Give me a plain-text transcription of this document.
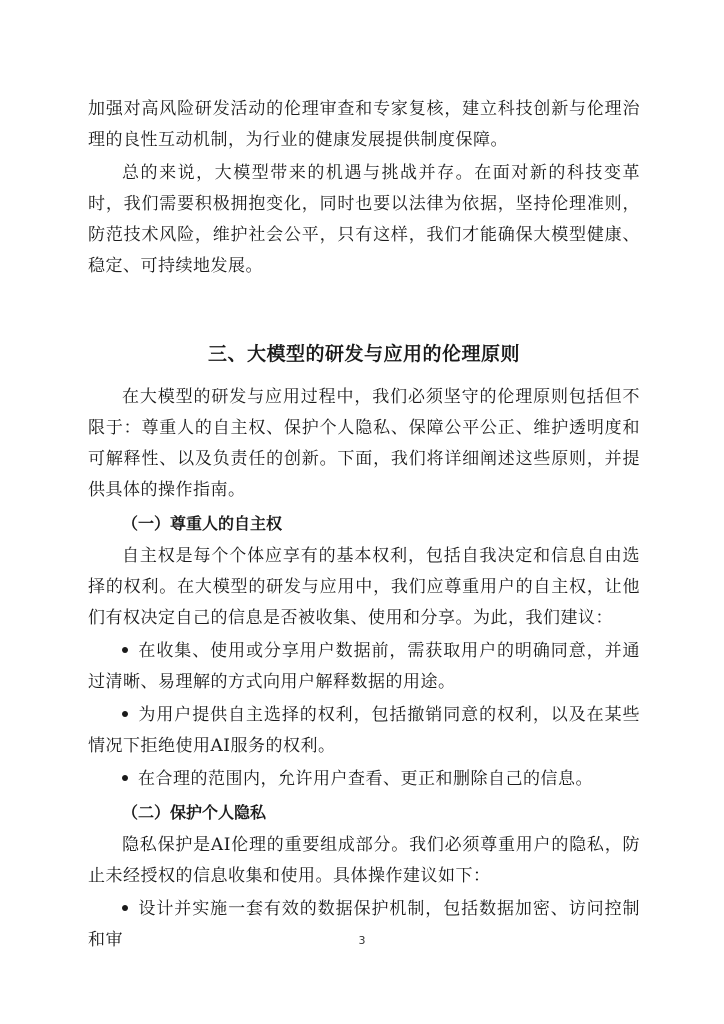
加强对高风险研发活动的伦理审查和专家复核，建立科技创新与伦理治理的良性互动机制，为行业的健康发展提供制度保障。

总的来说，大模型带来的机遇与挑战并存。在面对新的科技变革时，我们需要积极拥抱变化，同时也要以法律为依据，坚持伦理准则，防范技术风险，维护社会公平，只有这样，我们才能确保大模型健康、稳定、可持续地发展。

三、大模型的研发与应用的伦理原则

在大模型的研发与应用过程中，我们必须坚守的伦理原则包括但不限于：尊重人的自主权、保护个人隐私、保障公平公正、维护透明度和可解释性、以及负责任的创新。下面，我们将详细阐述这些原则，并提供具体的操作指南。

（一）尊重人的自主权

自主权是每个个体应享有的基本权利，包括自我决定和信息自由选择的权利。在大模型的研发与应用中，我们应尊重用户的自主权，让他们有权决定自己的信息是否被收集、使用和分享。为此，我们建议：

在收集、使用或分享用户数据前，需获取用户的明确同意，并通过清晰、易理解的方式向用户解释数据的用途。

为用户提供自主选择的权利，包括撤销同意的权利，以及在某些情况下拒绝使用AI服务的权利。

在合理的范围内，允许用户查看、更正和删除自己的信息。

（二）保护个人隐私

隐私保护是AI伦理的重要组成部分。我们必须尊重用户的隐私，防止未经授权的信息收集和使用。具体操作建议如下：

设计并实施一套有效的数据保护机制，包括数据加密、访问控制和审	3
